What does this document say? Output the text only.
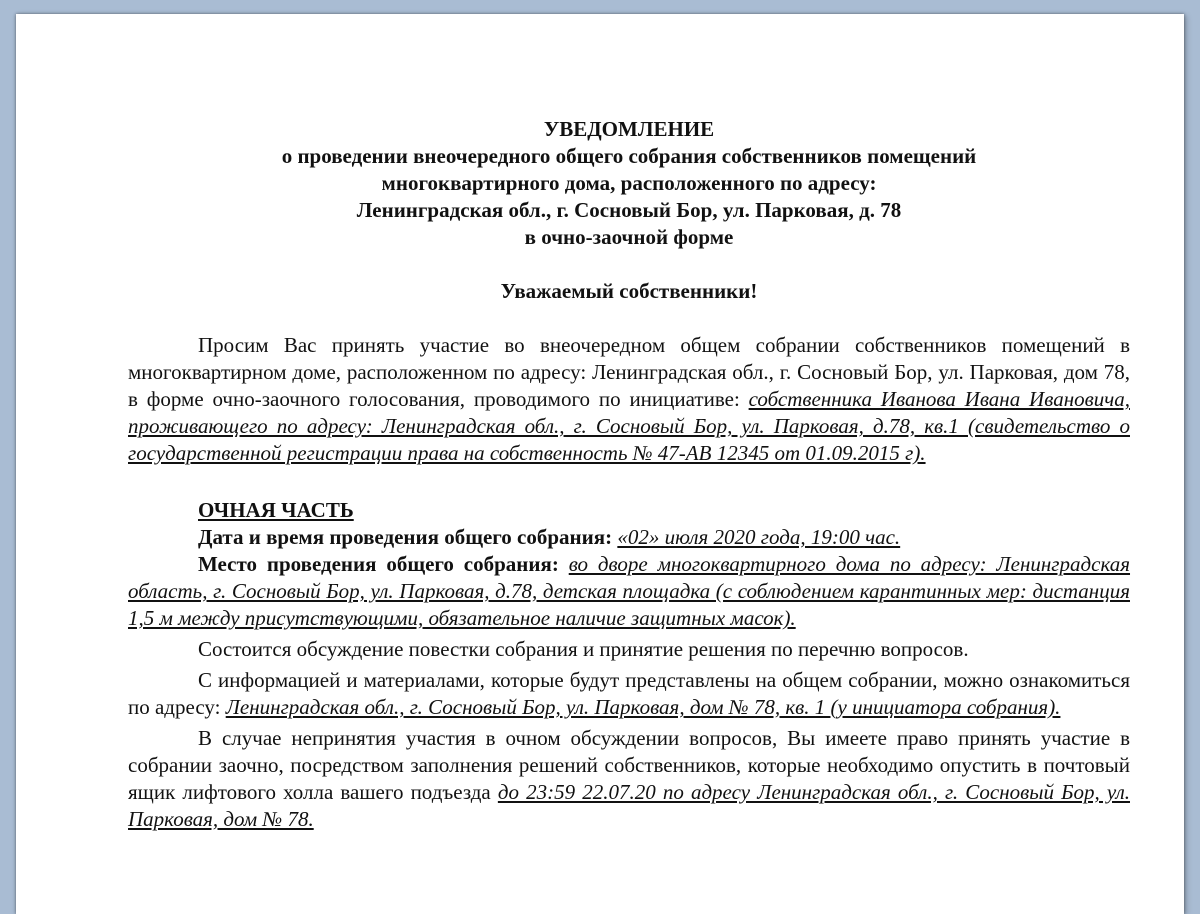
УВЕДОМЛЕНИЕ
о проведении внеочередного общего собрания собственников помещений
многоквартирного дома, расположенного по адресу:
Ленинградская обл., г. Сосновый Бор, ул. Парковая, д. 78
в очно-заочной форме
Уважаемый собственники!

Просим Вас принять участие во внеочередном общем собрании собственников помещений в многоквартирном доме, расположенном по адресу: Ленинградская обл., г. Сосновый Бор, ул. Парковая, дом 78, в форме очно-заочного голосования, проводимого по инициативе: собственника Иванова Ивана Ивановича, проживающего по адресу: Ленинградская обл., г. Сосновый Бор, ул. Парковая, д.78, кв.1 (свидетельство о государственной регистрации права на собственность № 47-АВ 12345 от 01.09.2015 г).

ОЧНАЯ ЧАСТЬ

Дата и время проведения общего собрания: «02» июля 2020 года, 19:00 час.

Место проведения общего собрания: во дворе многоквартирного дома по адресу: Ленинградская область, г. Сосновый Бор, ул. Парковая, д.78, детская площадка (с соблюдением карантинных мер: дистанция 1,5 м между присутствующими, обязательное наличие защитных масок).

Состоится обсуждение повестки собрания и принятие решения по перечню вопросов.

С информацией и материалами, которые будут представлены на общем собрании, можно ознакомиться по адресу: Ленинградская обл., г. Сосновый Бор, ул. Парковая, дом № 78, кв. 1 (у инициатора собрания).

В случае непринятия участия в очном обсуждении вопросов, Вы имеете право принять участие в собрании заочно, посредством заполнения решений собственников, которые необходимо опустить в почтовый ящик лифтового холла вашего подъезда до 23:59 22.07.20 по адресу Ленинградская обл., г. Сосновый Бор, ул. Парковая, дом № 78.
